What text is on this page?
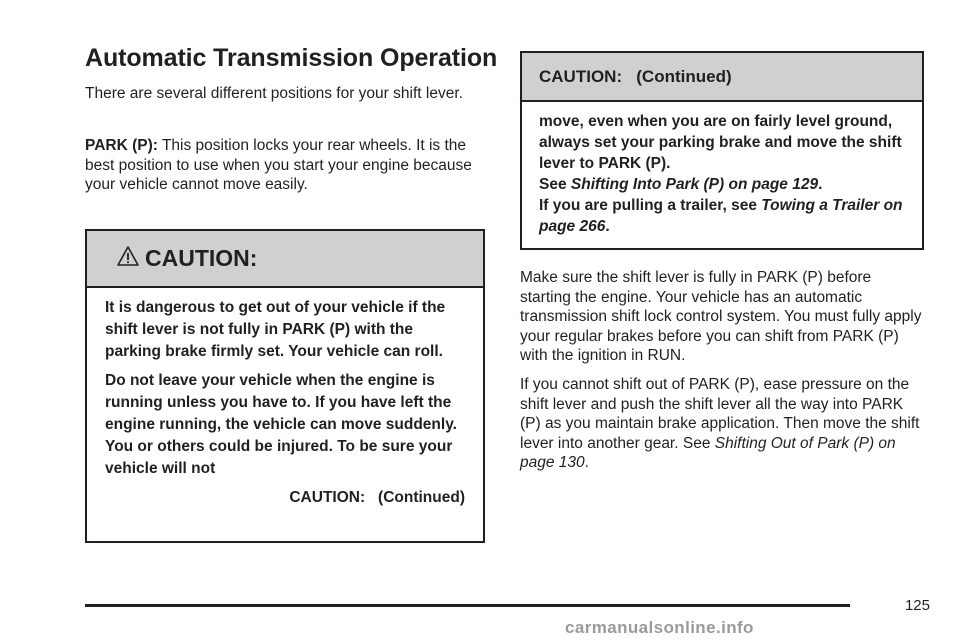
Automatic Transmission Operation

There are several different positions for your shift lever.

PARK (P): This position locks your rear wheels. It is the best position to use when you start your engine because your vehicle cannot move easily.

CAUTION:

It is dangerous to get out of your vehicle if the shift lever is not fully in PARK (P) with the parking brake firmly set. Your vehicle can roll.

Do not leave your vehicle when the engine is running unless you have to. If you have left the engine running, the vehicle can move suddenly. You or others could be injured. To be sure your vehicle will not

CAUTION:   (Continued)
CAUTION:   (Continued)

move, even when you are on fairly level ground, always set your parking brake and move the shift lever to PARK (P).

See Shifting Into Park (P) on page 129.

If you are pulling a trailer, see Towing a Trailer on page 266.

Make sure the shift lever is fully in PARK (P) before starting the engine. Your vehicle has an automatic transmission shift lock control system. You must fully apply your regular brakes before you can shift from PARK (P) with the ignition in RUN.

If you cannot shift out of PARK (P), ease pressure on the shift lever and push the shift lever all the way into PARK (P) as you maintain brake application. Then move the shift lever into another gear. See Shifting Out of Park (P) on page 130.

125
carmanualsonline.info
